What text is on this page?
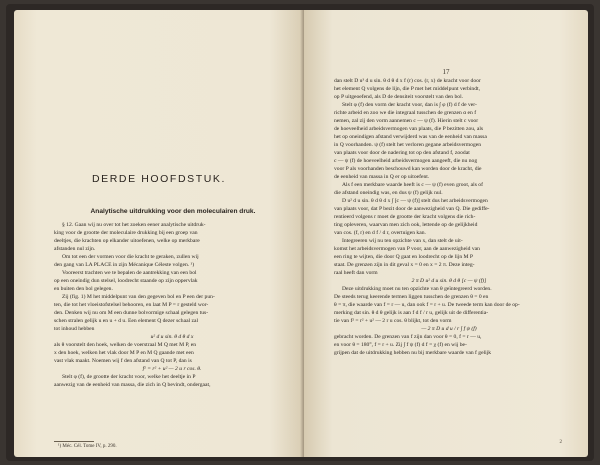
DERDE HOOFDSTUK.
Analytische uitdrukking voor den moleculairen druk.
§ 12. Gaan wij nu over tot het zoeken eener analytische uitdruk-
king voor de grootte der moleculaire drukking bij een groep van
deeltjes, die krachten op elkander uitoefenen, welke op merkbare
afstanden nul zijn.
Om tot een der vormen voor die kracht te geraken, zullen wij
den gang van LA PLACE in zijn Mécanique Céleste volgen. ¹)
Vooreerst trachten we te bepalen de aantrekking van een bol
op een oneindig dun stelsel, loodrecht staande op zijn oppervlak
en buiten den bol gelegen.
Zij (fig. 1) M het middelpunt van den gegeven bol en P een der pun-
ten, die tot het vloeistofstelsel behooren, en laat M P = r gesteld wor-
den. Denken wij nu om M een dunne bolvormige schaal gelegen tus-
schen stralen gelijk u en u + d u. Een element Q dezer schaal zal
tot inhoud hebben
u² d u sin. θ d θ d x
als θ voorstelt den hoek, welken de voerstraal M Q met M P, en
x den hoek, welken het vlak door M P en M Q gaande met een
vast vlak maakt. Noemen wij f den afstand van Q tot P, dan is
f² = r² + u² — 2 u r cos. θ.
Stelt φ (f), de grootte der kracht voor, welke het deeltje in P
aanwezig van de eenheid van massa, die zich in Q bevindt, ondergaat,
¹) Méc. Cél. Tome IV, p. 290.
17
dan stelt D u³ d u sin. θ d θ d x f (r) cos. (r, x) de kracht voor door
het element Q volgens de lijn, die P met het middelpunt verbindt,
op P uitgeoefend, als D de densiteit voorstelt van den bol.
Stelt φ (f) den vorm der kracht voor, dan is ∫ φ (f) d f de ver-
richte arbeid en zoo we die integraal tusschen de grenzen α en f
nemen, zal zij den vorm aannemen c — ψ (f). Hierin stelt c voor
de hoeveelheid arbeidsvermogen van plaats, die P bezitten zou, als
het op oneindigen afstand verwijderd was van de eenheid van massa
in Q voorhanden. ψ (f) stelt het verloren gegane arbeidsvermogen
van plaats voor door de nadering tot op den afstand f, zoodat
c — ψ (f) de hoeveelheid arbeidsvermogen aangeeft, die nu nog
voor P als voorhanden beschouwd kan worden door de kracht, die
de eenheid van massa in Q er op uitoefent.
Als f een merkbare waarde heeft is c — ψ (f) even groot, als of
die afstand oneindig was, en dus ψ (f) gelijk nul.
D u² d u sin. θ d θ d x ∫ [c — ψ (f)] stelt dus het arbeidsvermogen
van plaats voor, dat P bezit door de aanwezigheid van Q. Die gediffe-
rentieerd volgens r moet de grootte der kracht volgens die rich-
ting opleveren, waarvan men zich ook, lettende op de gelijkheid
van cos. (f, r) en d f / d r, overtuigen kan.
Integreeren wij nu ten opzichte van x, dan stelt de uit-
komst het arbeidsvermogen van P voor, aan de aanwezigheid van
een ring te wijten, die door Q gaat en loodrecht op de lijn M P
staat. De grenzen zijn in dit geval x = 0 en x = 2 π. Deze integ-
raal heeft dan vorm
2 π D u² d u sin. θ d θ [c — ψ (f)]
Deze uitdrukking moet nu ten opzichte van θ geïntegreerd worden.
De steeds terug keerende termen liggen tusschen de grenzen θ = 0 en
θ = π, die waarde van f = r — u, dan ook f = r + u. De tweede term kan door de op-
merking dat sin. θ d θ gelijk is aan f d f / r u, gelijk uit de differentia-
tie van f² = r² + u² — 2 r u cos. θ blijkt, tot den vorm
— 2 π D u d u / r ∫ f ψ (f)
gebracht worden. De grenzen van f zijn dan voor θ = 0, f = r — u,
en voor θ = 180°, f = r + u. Zij ∫ f ψ (f) d f = χ (f) en wij be-
grijpen dat de uitdrukking hebben nu bij merkbare waarde van f gelijk
2
